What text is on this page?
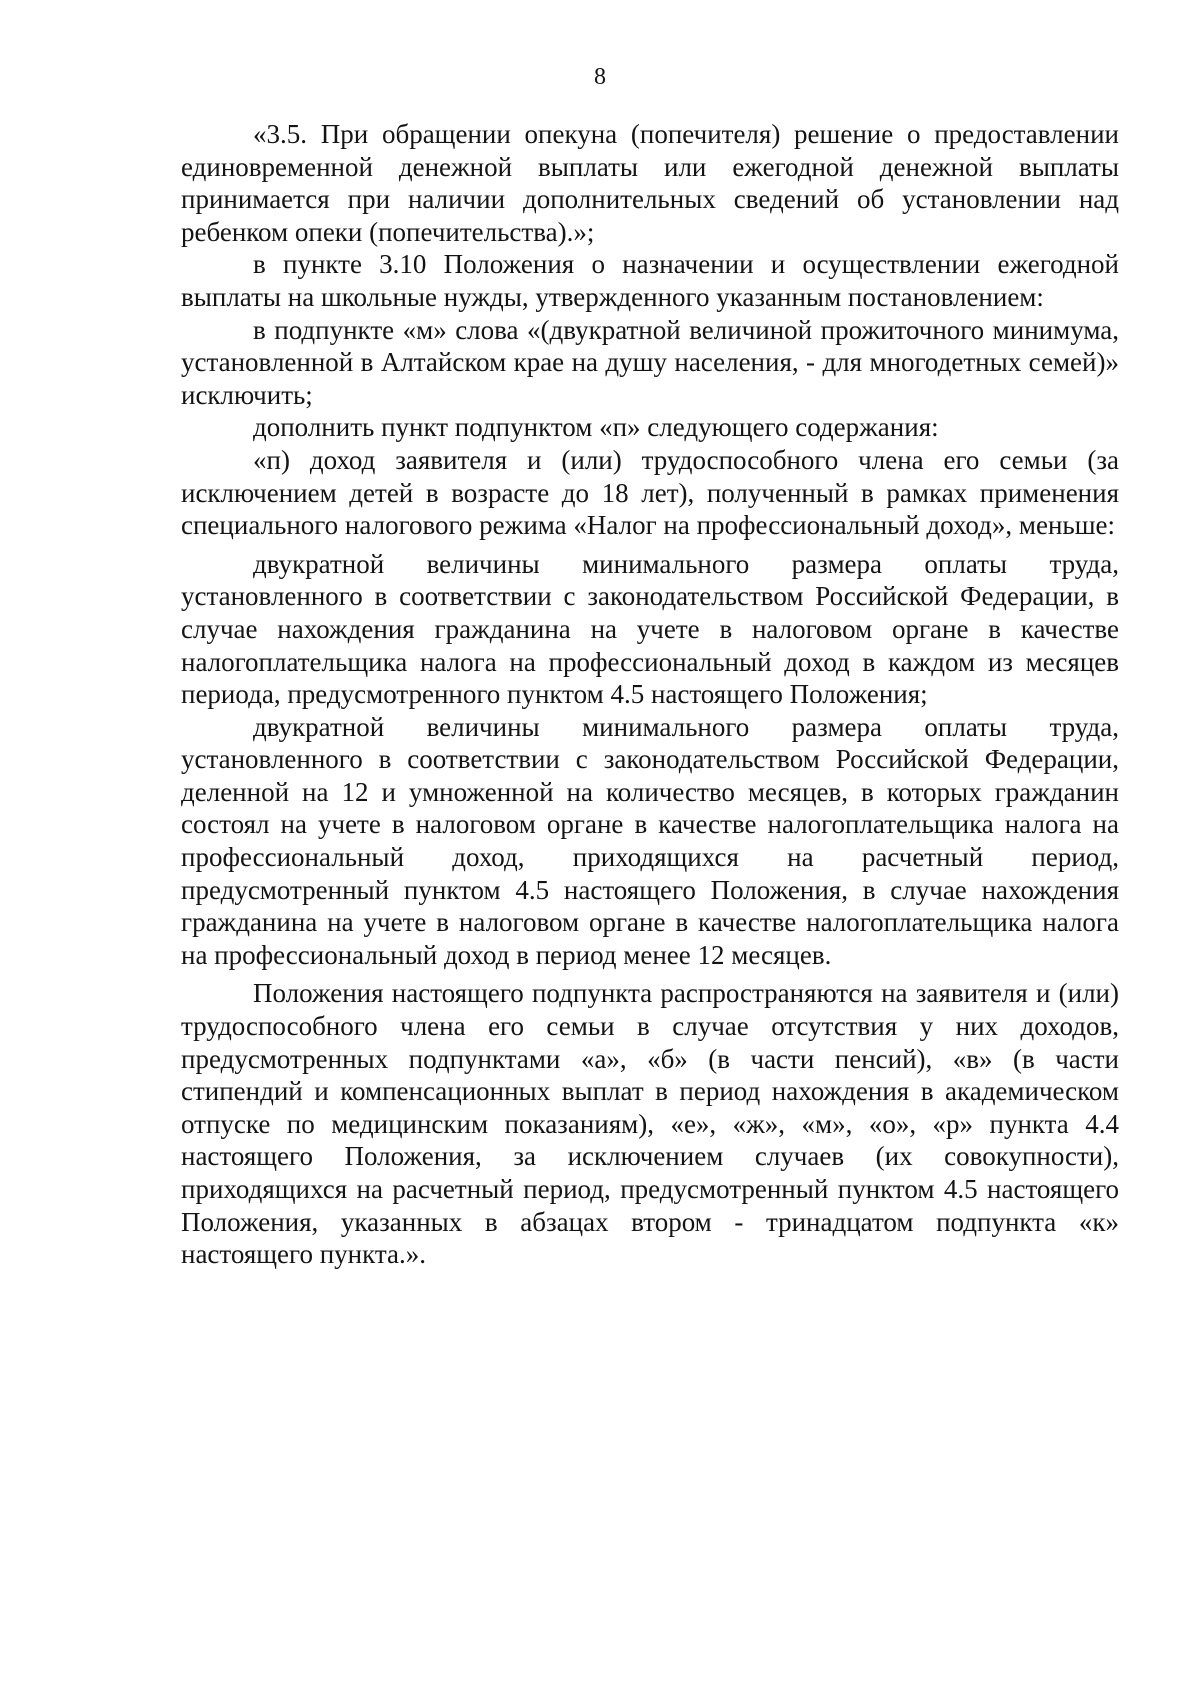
8

«3.5. При обращении опекуна (попечителя) решение о предоставлении единовременной денежной выплаты или ежегодной денежной выплаты принимается при наличии дополнительных сведений об установлении над ребенком опеки (попечительства).»;

в пункте 3.10 Положения о назначении и осуществлении ежегодной выплаты на школьные нужды, утвержденного указанным постановлением:

в подпункте «м» слова «(двукратной величиной прожиточного минимума, установленной в Алтайском крае на душу населения, - для многодетных семей)» исключить;

дополнить пункт подпунктом «п» следующего содержания:

«п) доход заявителя и (или) трудоспособного члена его семьи (за исключением детей в возрасте до 18 лет), полученный в рамках применения специального налогового режима «Налог на профессиональный доход», меньше:

двукратной величины минимального размера оплаты труда, установленного в соответствии с законодательством Российской Федерации, в случае нахождения гражданина на учете в налоговом органе в качестве налогоплательщика налога на профессиональный доход в каждом из месяцев периода, предусмотренного пунктом 4.5 настоящего Положения;

двукратной величины минимального размера оплаты труда, установленного в соответствии с законодательством Российской Федерации, деленной на 12 и умноженной на количество месяцев, в которых гражданин состоял на учете в налоговом органе в качестве налогоплательщика налога на профессиональный доход, приходящихся на расчетный период, предусмотренный пунктом 4.5 настоящего Положения, в случае нахождения гражданина на учете в налоговом органе в качестве налогоплательщика налога на профессиональный доход в период менее 12 месяцев.

Положения настоящего подпункта распространяются на заявителя и (или) трудоспособного члена его семьи в случае отсутствия у них доходов, предусмотренных подпунктами «а», «б» (в части пенсий), «в» (в части стипендий и компенсационных выплат в период нахождения в академическом отпуске по медицинским показаниям), «е», «ж», «м», «о», «р» пункта 4.4 настоящего Положения, за исключением случаев (их совокупности), приходящихся на расчетный период, предусмотренный пунктом 4.5 настоящего Положения, указанных в абзацах втором - тринадцатом подпункта «к» настоящего пункта.».
